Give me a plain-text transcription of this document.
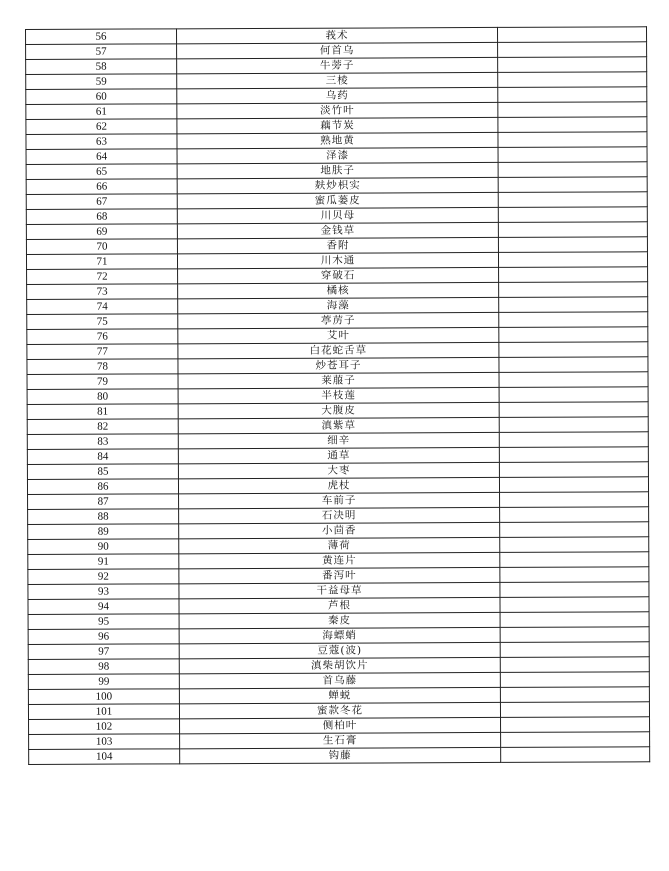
56	莪术	
57	何首乌	
58	牛蒡子	
59	三棱	
60	乌药	
61	淡竹叶	
62	藕节炭	
63	熟地黄	
64	泽漆	
65	地肤子	
66	麸炒枳实	
67	蜜瓜蒌皮	
68	川贝母	
69	金钱草	
70	香附	
71	川木通	
72	穿破石	
73	橘核	
74	海藻	
75	葶苈子	
76	艾叶	
77	白花蛇舌草	
78	炒苍耳子	
79	莱菔子	
80	半枝莲	
81	大腹皮	
82	滇紫草	
83	细辛	
84	通草	
85	大枣	
86	虎杖	
87	车前子	
88	石决明	
89	小茴香	
90	薄荷	
91	黄连片	
92	番泻叶	
93	干益母草	
94	芦根	
95	秦皮	
96	海螵蛸	
97	豆蔻(波)	
98	滇柴胡饮片	
99	首乌藤	
100	蝉蜕	
101	蜜款冬花	
102	侧柏叶	
103	生石膏	
104	钩藤	
